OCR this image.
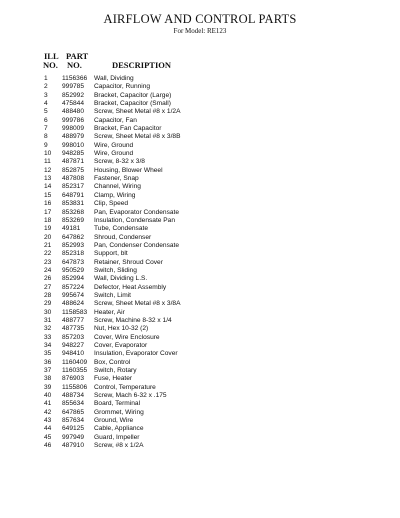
AIRFLOW AND CONTROL PARTS
For Model: RE123
ILL PART
NO. NO.	DESCRIPTION
1 1156366 Wall, Dividing
2 999785 Capacitor, Running
3 852992 Bracket, Capacitor (Large)
4 475844 Bracket, Capacitor (Small)
5 488480 Screw, Sheet Metal #8 x 1/2A
6 999786 Capacitor, Fan
7 998009 Bracket, Fan Capacitor
8 488979 Screw, Sheet Metal #8 x 3/8B
9 998010 Wire, Ground
10 948285 Wire, Ground
11 487871 Screw, 8-32 x 3/8
12 852875 Housing, Blower Wheel
13 487808 Fastener, Snap
14 852317 Channel, Wiring
15 648791 Clamp, Wiring
16 853831 Clip, Speed
17 853268 Pan, Evaporator Condensate
18 853269 Insulation, Condensate Pan
19 49181 Tube, Condensate
20 647862 Shroud, Condenser
21 852993 Pan, Condenser Condensate
22 852318 Support, blt
23 647873 Retainer, Shroud Cover
24 950529 Switch, Sliding
26 852994 Wall, Dividing L.S.
27 857224 Defector, Heat Assembly
28 995674 Switch, Limit
29 488624 Screw, Sheet Metal #8 x 3/8A
30 1158583 Heater, Air
31 488777 Screw, Machine 8-32 x 1/4
32 487735 Nut, Hex 10-32 (2)
33 857203 Cover, Wire Enclosure
34 948227 Cover, Evaporator
35 948410 Insulation, Evaporator Cover
36 1160409 Box, Control
37 1160355 Switch, Rotary
38 876903 Fuse, Heater
39 1155806 Control, Temperature
40 488734 Screw, Mach 6-32 x .175
41 855634 Board, Terminal
42 647865 Grommet, Wiring
43 857634 Ground, Wire
44 649125 Cable, Appliance
45 997949 Guard, Impeller
46 487910 Screw, #8 x 1/2A
